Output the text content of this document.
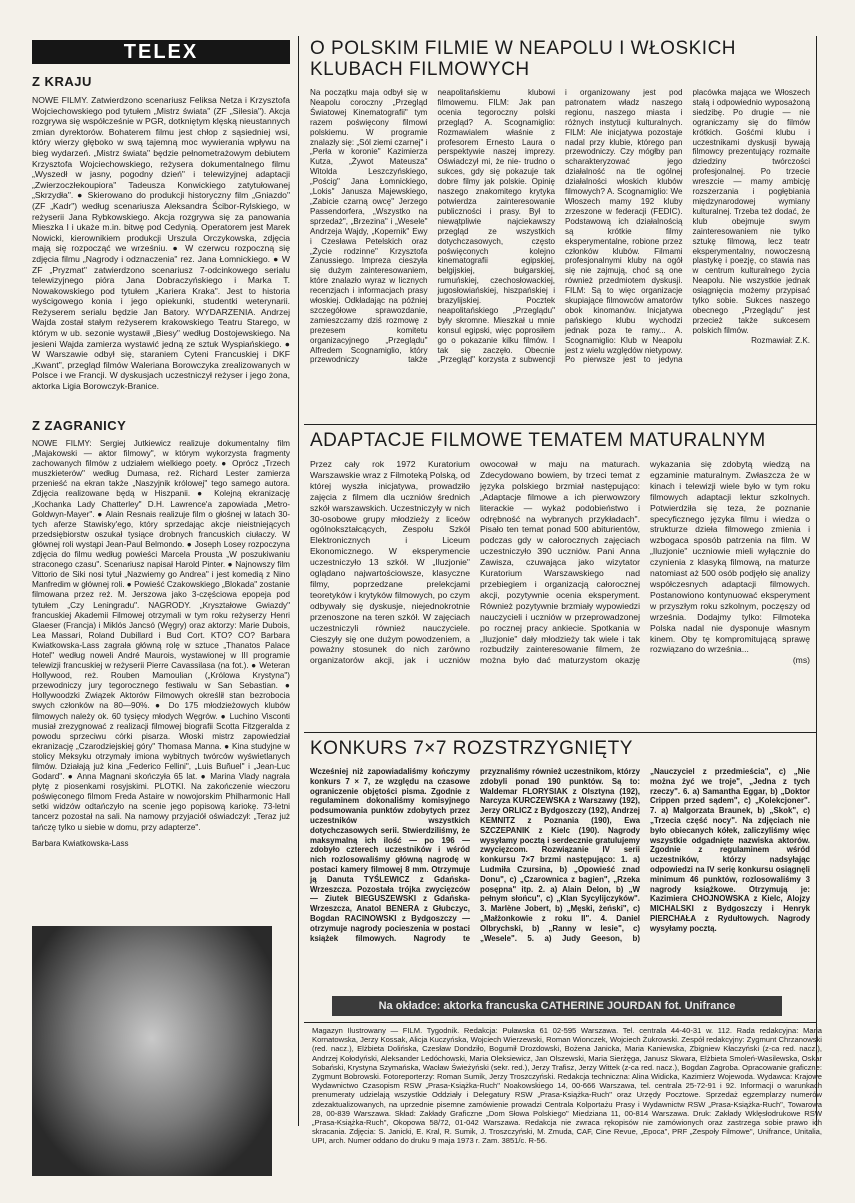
TELEX
Z KRAJU
NOWE FILMY. Zatwierdzono scenariusz Feliksa Netza i Krzysztofa Wojciechowskiego pod tytułem „Mistrz świata" (ZF „Silesia"). Akcja rozgrywa się współcześnie w PGR, dotkniętym klęską nieustannych zmian dyrektorów. Bohaterem filmu jest chłop z sąsiedniej wsi, który wierzy głęboko w swą tajemną moc wywierania wpływu na bieg wydarzeń. „Mistrz świata" będzie pełnometrażowym debiutem Krzysztofa Wojciechowskiego, reżysera dokumentalnego filmu „Wyszedł w jasny, pogodny dzień" i telewizyjnej adaptacji „Zwierzoczłekoupiora" Tadeusza Konwickiego zatytułowanej „Skrzydła". ● Skierowano do produkcji historyczny film „Gniazdo" (ZF „Kadr") według scenariusza Aleksandra Ścibor-Rylskiego, w reżyserii Jana Rybkowskiego. Akcja rozgrywa się za panowania Mieszka I i ukaże m.in. bitwę pod Cedynią. Operatorem jest Marek Nowicki, kierownikiem produkcji Urszula Orczykowska, zdjęcia mają się rozpocząć we wrześniu. ● W czerwcu rozpoczną się zdjęcia filmu „Nagrody i odznaczenia" rez. Jana Łomnickiego. ● W ZF „Pryzmat" zatwierdzono scenariusz 7-odcinkowego serialu telewizyjnego pióra Jana Dobraczyńskiego i Marka T. Nowakowskiego pod tytułem „Kariera Kraka". Jest to historia wyścigowego konia i jego opiekunki, studentki weterynarii. Reżyserem serialu będzie Jan Batory. WYDARZENIA. Andrzej Wajda został stałym reżyserem krakowskiego Teatru Starego, w którym w ub. sezonie wystawił „Biesy" według Dostojewskiego. Na jesieni Wajda zamierza wystawić jedną ze sztuk Wyspiańskiego. ● W Warszawie odbył się, staraniem Cyteni Francuskiej i DKF „Kwant", przegląd filmów Waleriana Borowczyka zrealizowanych w Polsce i we Francji. W dyskusjach uczestniczył reżyser i jego żona, aktorka Ligia Borowczyk-Branice.
Z ZAGRANICY
NOWE FILMY: Sergiej Jutkiewicz realizuje dokumentalny film „Majakowski — aktor filmowy", w którym wykorzysta fragmenty zachowanych filmów z udziałem wielkiego poety. ● Oprócz „Trzech muszkieterów" według Dumasa, reż. Richard Lester zamierza przenieść na ekran także „Naszyjnik królowej" tego samego autora. Zdjęcia realizowane będą w Hiszpanii. ● Kolejną ekranizację „Kochanka Lady Chatterley" D.H. Lawrence'a zapowiada „Metro-Goldwyn-Mayer". ● Alain Resnais realizuje film o głośnej w latach 30-tych aferze Stawisky'ego, który sprzedając akcje nieistniejących przedsiębiorstw oszukał tysiące drobnych francuskich ciułaczy. W głównej roli wystąpi Jean-Paul Belmondo. ● Joseph Losey rozpoczyna zdjęcia do filmu według powieści Marcela Prousta „W poszukiwaniu straconego czasu". Scenariusz napisał Harold Pinter. ● Najnowszy film Vittorio de Siki nosi tytuł „Nazwiemy go Andrea" i jest komedią z Nino Manfredim w głównej roli. ● Powieść Czakowskiego „Blokada" zostanie filmowana przez reż. M. Jerszowa jako 3-częściowa epopeja pod tytułem „Czy Leningradu". NAGRODY. „Kryształowe Gwiazdy" francuskiej Akademii Filmowej otrzymali w tym roku reżyserzy Henri Glaeser (Francja) i Miklós Jancsó (Węgry) oraz aktorzy: Marie Dubois, Lea Massari, Roland Dubillard i Bud Cort. KTO? CO? Barbara Kwiatkowska-Lass zagrała główną rolę w sztuce „Thanatos Palace Hotel" według noweli André Maurois, wystawionej w III programie telewizji francuskiej w reżyserii Pierre Cavassilasa (na fot.). ● Weteran Hollywood, reż. Rouben Mamoulian („Królowa Krystyna") przewodniczy jury tegorocznego festiwalu w San Sebastian. ● Hollywoodzki Związek Aktorów Filmowych określił stan bezrobocia swych członków na 80—90%. ● Do 175 młodzieżowych klubów filmowych należy ok. 60 tysięcy młodych Węgrów. ● Luchino Visconti musiał zrezygnować z realizacji filmowej biografii Scotta Fitzgeralda z powodu sprzeciwu córki pisarza. Włoski mistrz zapowiedział ekranizację „Czarodziejskiej góry" Thomasa Manna. ● Kina studyjne w stolicy Meksyku otrzymały imiona wybitnych twórców wyświetlanych filmów. Działają już kina „Federico Fellini", „Luis Buñuel" i „Jean-Luc Godard". ● Anna Magnani skończyła 65 lat. ● Marina Vlady nagrała płytę z piosenkami rosyjskimi. PLOTKI. Na zakończenie wieczoru poświęconego filmom Freda Astaire w nowojorskim Philharmonic Hall setki widzów odtańczyło na scenie jego popisową kariokę. 73-letni tancerz pozostał na sali. Na namowy przyjaciół oświadczył: „Teraz już tańczę tylko u siebie w domu, przy adapterze".
Barbara Kwiatkowska-Lass
O POLSKIM FILMIE W NEAPOLU I WŁOSKICH KLUBACH FILMOWYCH
Na początku maja odbył się w Neapolu coroczny „Przegląd Światowej Kinematografii" tym razem poświęcony filmowi polskiemu. W programie znalazły się: „Sól ziemi czarnej" i „Perła w koronie" Kazimierza Kutza, „Żywot Mateusza" Witolda Leszczyńskiego, „Pościg" Jana Łomnickiego, „Lokis" Janusza Majewskiego, „Zabicie czarną owcę" Jerzego Passendorfera, „Wszystko na sprzedaż", „Brzezina" i „Wesele" Andrzeja Wajdy, „Kopernik" Ewy i Czesława Petelskich oraz „Życie rodzinne" Krzysztofa Zanussiego. Impreza cieszyła się dużym zainteresowaniem, które znalazło wyraz w licznych recenzjach i informacjach prasy włoskiej. Odkładając na później szczegółowe sprawozdanie, zamieszczamy dziś rozmowę z prezesem komitetu organizacyjnego „Przeglądu" Alfredem Scognamiglio, który przewodniczy także neapolitańskiemu klubowi filmowemu. FILM: Jak pan ocenia tegoroczny polski przegląd? A. Scognamiglio: Rozmawialem właśnie z profesorem Ernesto Laura o perspektywie naszej imprezy. Oświadczył mi, że nie- trudno o sukces, gdy się pokazuje tak dobre filmy jak polskie. Opinię naszego znakomitego krytyka potwierdza zainteresowanie publiczności i prasy. Był to niewątpliwie najciekawszy przegląd ze wszystkich dotychczasowych, często poświęconych kolejno kinematografii egipskiej, belgijskiej, bułgarskiej, rumuńskiej, czechosłowackiej, jugosłowiańskiej, hiszpańskiej i brazylijskiej. Pocztek neapolitańskiego „Przeglądu" były skromne. Mieszkał u mnie konsul egipski, więc poprosiłem go o pokazanie kilku filmów. I tak się zaczęło. Obecnie „Przegląd" korzysta z subwencji i organizowany jest pod patronatem władz naszego regionu, naszego miasta i różnych instytucji kulturalnych. FILM: Ale inicjatywa pozostaje nadal przy klubie, którego pan przewodniczy. Czy mógłby pan scharakteryzować jego działalność na tle ogólnej działalności włoskich klubów filmowych? A. Scognamiglio: We Włoszech mamy 192 kluby zrzeszone w federacji (FEDIC). Podstawową ich działalnością są krótkie filmy eksperymentalne, robione przez członków klubów. Filmami profesjonalnymi kluby na ogół się nie zajmują, choć są one również przedmiotem dyskusji. FILM: Są to więc organizacje skupiające filmowców amatorów obok kinomanów. Inicjatywa pańskiego klubu wychodzi jednak poza te ramy... A. Scognamiglio: Klub w Neapolu jest z wielu względów nietypowy. Po pierwsze jest to jedyna placówka mająca we Włoszech stałą i odpowiednio wyposażoną siedzibę. Po drugie — nie ograniczamy się do filmów krótkich. Gośćmi klubu i uczestnikami dyskusji bywają filmowcy prezentujący rozmaite dziedziny twórczości profesjonalnej. Po trzecie wreszcie — mamy ambicję rozszerzania i pogłębiania międzynarodowej wymiany kulturalnej. Trzeba też dodać, że klub obejmuje swym zainteresowaniem nie tylko sztukę filmową, lecz teatr eksperymentalny, nowoczesną plastykę i poezję, co stawia nas w centrum kulturalnego życia Neapolu. Nie wszystkie jednak osiągnięcia możemy przypisać tylko sobie. Sukces naszego obecnego „Przeglądu" jest przecież także sukcesem polskich filmów.
Rozmawiał: Z.K.
ADAPTACJE FILMOWE TEMATEM MATURALNYM
Przez cały rok 1972 Kuratorium Warszawskie wraz z Filmoteką Polską, od której wyszła inicjatywa, prowadziło zajęcia z filmem dla uczniów średnich szkół warszawskich. Uczestniczyły w nich 30-osobowe grupy młodzieży z liceów ogólnokształcących, Zespołu Szkół Elektronicznych i Liceum Ekonomicznego. W eksperymencie uczestniczyło 13 szkół. W „Iluzjonie" oglądano najwartościowsze, klasyczne filmy, poprzedzane prelekcjami teoretyków i krytyków filmowych, po czym odbywały się dyskusje, niejednokrotnie przenoszone na teren szkół. W zajęciach uczestniczyli również nauczyciele. Cieszyły się one dużym powodzeniem, a poważny stosunek do nich zarówno organizatorów akcji, jak i uczniów owocował w maju na maturach. Zdecydowano bowiem, by trzeci temat z języka polskiego brzmiał następująco: „Adaptacje filmowe a ich pierwowzory literackie — wykaż podobieństwo i odrębność na wybranych przykładach". Pisało ten temat ponad 500 abiturientów, podczas gdy w całorocznych zajęciach uczestniczyło 390 uczniów. Pani Anna Zawisza, czuwająca jako wizytator Kuratorium Warszawskiego nad przebiegiem i organizacją całorocznej akcji, pozytywnie ocenia eksperyment. Również pozytywnie brzmiały wypowiedzi nauczycieli i uczniów w przeprowadzonej po rocznej pracy ankiecie. Spotkania w „Iluzjonie" dały młodzieży tak wiele i tak rozbudziły zainteresowanie filmem, że można było dać maturzystom okazję wykazania się zdobytą wiedzą na egzaminie maturalnym. Zwłaszcza że w kinach i telewizji wiele było w tym roku filmowych adaptacji lektur szkolnych. Potwierdziła się teza, że poznanie specyficznego języka filmu i wiedza o strukturze dzieła filmowego zmienia i wzbogaca sposób patrzenia na film. W „Iluzjonie" uczniowie mieli wyłącznie do czynienia z klasyką filmową, na maturze natomiast aż 500 osób podjęło się analizy współczesnych adaptacji filmowych. Postanowiono kontynuować eksperyment w przyszłym roku szkolnym, poczęszy od września. Dodajmy tylko: Filmoteka Polska nadal nie dysponuje własnym kinem. Oby tę kompromitującą sprawę rozwiązano do września...
(ms)
KONKURS 7×7 ROZSTRZYGNIĘTY
Wcześniej niż zapowiadaliśmy kończymy konkurs 7 × 7, ze względu na czasowe ograniczenie objętości pisma. Zgodnie z regulaminem dokonaliśmy komisyjnego podsumowania punktów zdobytych przez uczestników wszystkich dotychczasowych serii. Stwierdziliśmy, że maksymalną ich ilość — po 196 — zdobyło czterech uczestników i wśród nich rozlosowaliśmy główną nagrodę w postaci kamery filmowej 8 mm. Otrzymuje ją Danuta TYŚLEWICZ z Gdańska-Wrzeszcza. Pozostała trójka zwycięzców — Ziutek BIEGUSZEWSKI z Gdańska-Wrzeszcza, Anatol BENERA z Głubczyc, Bogdan RACINOWSKI z Bydgoszczy — otrzymuje nagrody pocieszenia w postaci książek filmowych. Nagrody te przyznaliśmy również uczestnikom, którzy zdobyli ponad 190 punktów. Są to: Waldemar FLORYSIAK z Olsztyna (192), Narcyza KURCZEWSKA z Warszawy (192), Jerzy ORLICZ z Bydgoszczy (192), Andrzej KEMNITZ z Poznania (190), Ewa SZCZEPANIK z Kielc (190). Nagrody wysyłamy pocztą i serdecznie gratulujemy zwycięzcom. Rozwiązanie IV serii konkursu 7×7 brzmi następująco: 1. a) Ludmiła Czursina, b) „Opowieść znad Donu", c) „Czarownica z bagien", „Rzeka posępna" itp. 2. a) Alain Delon, b) „W pełnym słońcu", c) „Klan Sycylijczyków". 3. Marlène Jobert, b) „Męski, żeński", c) „Małżonkowie z roku II". 4. Daniel Olbrychski, b) „Ranny w lesie", c) „Wesele". 5. a) Judy Geeson, b) „Nauczyciel z przedmieścia", c) „Nie można żyć we troje", „Jedna z tych rzeczy". 6. a) Samantha Eggar, b) „Doktor Crippen przed sądem", c) „Kolekcjoner". 7. a) Malgorzata Braunek, b) „Skok", c) „Trzecia część nocy". Na zdjęciach nie było obiecanych kółek, zaliczyliśmy więc wszystkie odgadnięte nazwiska aktorów. Zgodnie z regulaminem wśród uczestników, którzy nadsyłając odpowiedzi na IV serię konkursu osiągnęli minimum 46 punktów, rozlosowaliśmy 3 nagrody książkowe. Otrzymują je: Kazimiera CHOJNOWSKA z Kielc, Alojzy MICHALSKI z Bydgoszczy i Henryk PIERCHAŁA z Rydułtowych. Nagrody wysyłamy pocztą.
Na okładce: aktorka francuska CATHERINE JOURDAN fot. Unifrance
Magazyn Ilustrowany — FILM. Tygodnik. Redakcja: Puławska 61 02-595 Warszawa. Tel. centrala 44-40-31 w. 112. Rada redakcyjna: Maria Kornatowska, Jerzy Kossak, Alicja Kuczyńska, Wojciech Wierzewski, Roman Wionczek, Wojciech Żukrowski. Zespół redakcyjny: Zygmunt Chrzanowski (red. nacz.), Elżbieta Dolińska, Czesław Dondziło, Bogumił Drozdowski, Bożena Janicka, Maria Kaniewska, Zbigniew Kłaczyński (z-ca red. nacz.), Andrzej Kołodyński, Aleksander Ledóchowski, Maria Oleksiewicz, Jan Olszewski, Maria Sierżęga, Janusz Skwara, Elżbieta Smoleń-Wasilewska, Oskar Sobański, Krystyna Szymańska, Wacław Świeżyński (sekr. red.), Jerzy Trafisz, Jerzy Wittek (z-ca red. nacz.), Bogdan Zagroba. Opracowanie graficzne: Zygmunt Bobrowski. Fotoreporterzy: Roman Sumik, Jerzy Troszczyński. Redakcja techniczna: Alina Widicka, Kazimierz Wojewoda. Wydawca: Krajowe Wydawnictwo Czasopism RSW „Prasa-Książka-Ruch" Noakowskiego 14, 00-666 Warszawa, tel. centrala 25-72-91 i 92. Informacji o warunkach prenumeraty udzielają wszystkie Oddziały i Delegatury RSW „Prasa-Książka-Ruch" oraz Urzędy Pocztowe. Sprzedaż egzemplarzy numerów zdezaktualizowanych, na uprzednie pisemne zamówienie prowadzi Centrala Kolportażu Prasy i Wydawnictw RSW „Prasa-Książka-Ruch", Towarowa 28, 00-839 Warszawa. Skład: Zakłady Graficzne „Dom Słowa Polskiego" Miedziana 11, 00-814 Warszawa. Druk: Zakłady Wklęsłodrukowe RSW „Prasa-Książka-Ruch", Okopowa 58/72, 01-042 Warszawa. Redakcja nie zwraca rękopisów nie zamówionych oraz zastrzega sobie prawo ich skracania. Zdjęcia: S. Janicki, E. Kral, R. Sumik, J. Troszczyński, M. Zmuda, CAF, Cine Revue, „Epoca", PRF „Zespoły Filmowe", Unifrance, Unitalia, UPI, arch. Numer oddano do druku 9 maja 1973 r. Zam. 3851/c. R-56.
